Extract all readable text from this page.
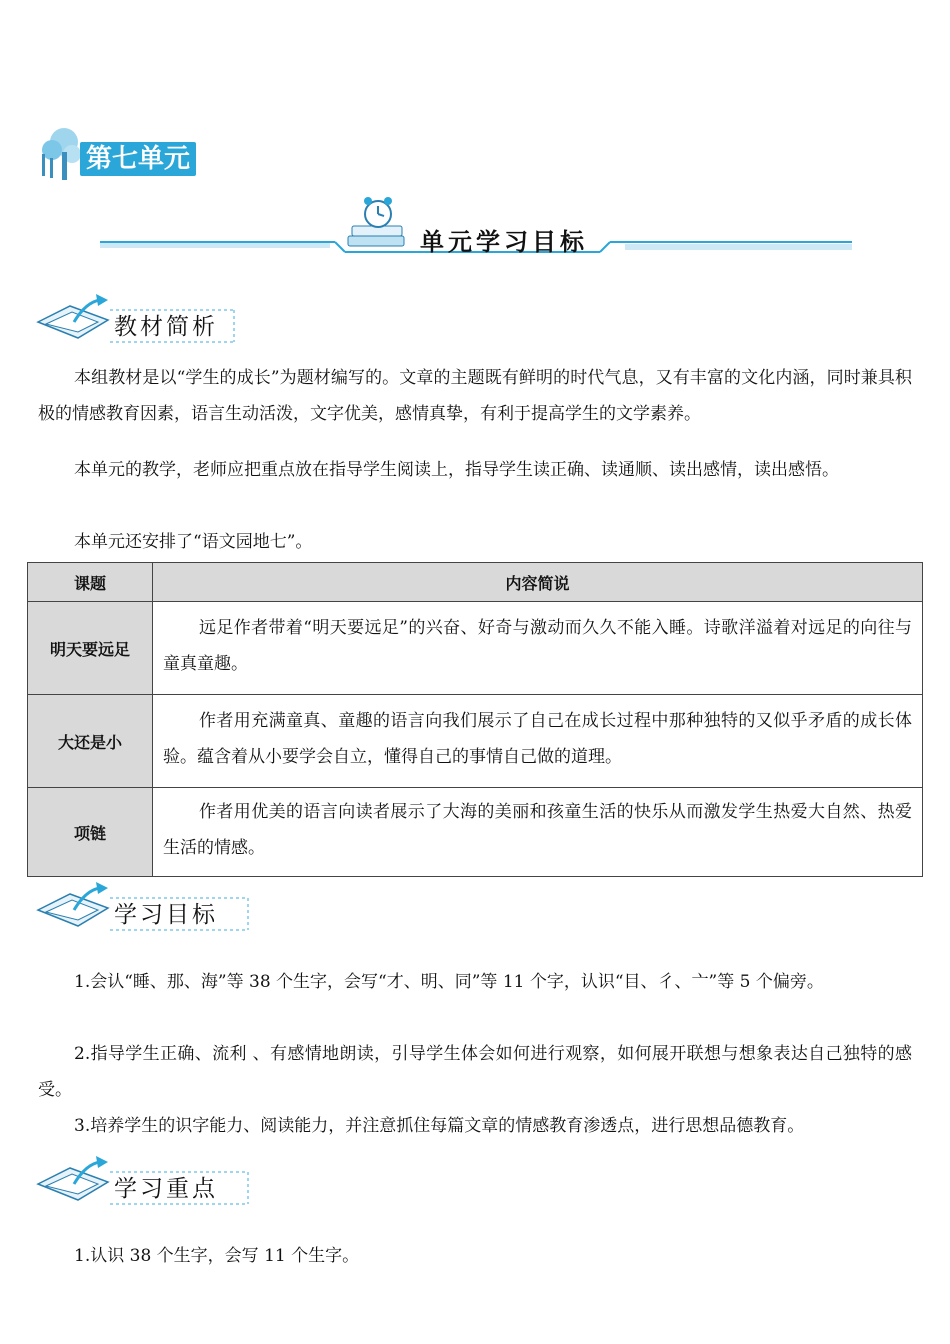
第七单元
单元学习目标
教材简析

本组教材是以“学生的成长”为题材编写的。文章的主题既有鲜明的时代气息，又有丰富的文化内涵，同时兼具积极的情感教育因素，语言生动活泼，文字优美，感情真挚，有利于提高学生的文学素养。

本单元的教学，老师应把重点放在指导学生阅读上，指导学生读正确、读通顺、读出感情，读出感悟。

本单元还安排了“语文园地七”。

课题	内容简说
明天要远足	远足作者带着“明天要远足”的兴奋、好奇与激动而久久不能入睡。诗歌洋溢着对远足的向往与童真童趣。
大还是小	作者用充满童真、童趣的语言向我们展示了自己在成长过程中那种独特的又似乎矛盾的成长体验。蕴含着从小要学会自立，懂得自己的事情自己做的道理。
项链	作者用优美的语言向读者展示了大海的美丽和孩童生活的快乐从而激发学生热爱大自然、热爱生活的情感。
学习目标

1.会认“睡、那、海”等 38 个生字，会写“才、明、同”等 11 个字，认识“目、彳、亠”等 5 个偏旁。

2.指导学生正确、流利 、有感情地朗读，引导学生体会如何进行观察，如何展开联想与想象表达自己独特的感受。

3.培养学生的识字能力、阅读能力，并注意抓住每篇文章的情感教育渗透点，进行思想品德教育。

学习重点

1.认识 38 个生字，会写 11 个生字。
